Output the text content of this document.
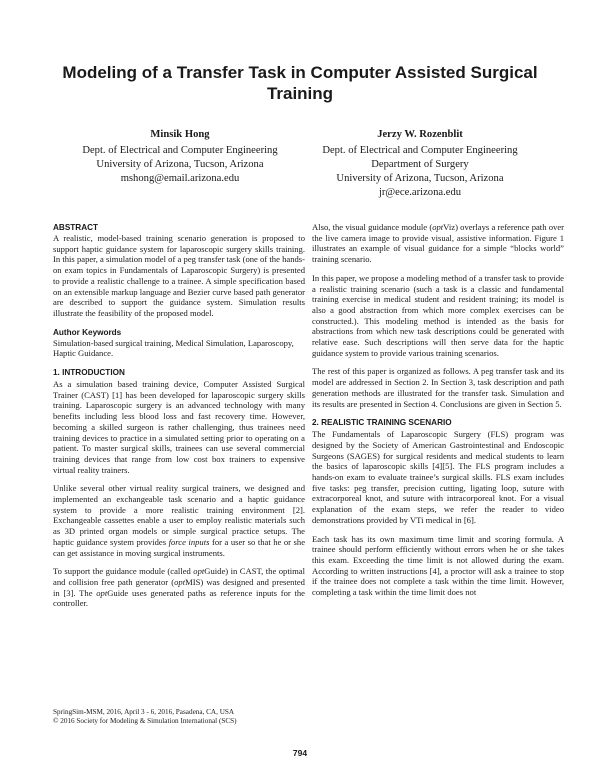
Modeling of a Transfer Task in Computer Assisted Surgical Training
Minsik Hong
Dept. of Electrical and Computer Engineering
University of Arizona, Tucson, Arizona
mshong@email.arizona.edu
Jerzy W. Rozenblit
Dept. of Electrical and Computer Engineering
Department of Surgery
University of Arizona, Tucson, Arizona
jr@ece.arizona.edu
ABSTRACT

A realistic, model-based training scenario generation is proposed to support haptic guidance system for laparoscopic surgery skills training. In this paper, a simulation model of a peg transfer task (one of the hands-on exam topics in Fundamentals of Laparoscopic Surgery) is presented to provide a realistic challenge to a trainee. A simple specification based on an extensible markup language and Bezier curve based path generator are described to support the guidance system. Simulation results illustrate the feasibility of the proposed model.

Author Keywords

Simulation-based surgical training, Medical Simulation, Laparoscopy, Haptic Guidance.

1. INTRODUCTION

As a simulation based training device, Computer Assisted Surgical Trainer (CAST) [1] has been developed for laparoscopic surgery skills training. Laparoscopic surgery is an advanced technology with many benefits including less blood loss and fast recovery time. However, becoming a skilled surgeon is rather challenging, thus trainees need training devices to practice in a simulated setting prior to operating on a patient. To master surgical skills, trainees can use several commercial training devices that range from low cost box trainers to expensive virtual reality trainers.

Unlike several other virtual reality surgical trainers, we designed and implemented an exchangeable task scenario and a haptic guidance system to provide a more realistic training environment [2]. Exchangeable cassettes enable a user to employ realistic materials such as 3D printed organ models or simple surgical practice setups. The haptic guidance system provides force inputs for a user so that he or she can get assistance in moving surgical instruments.

To support the guidance module (called optGuide) in CAST, the optimal and collision free path generator (optMIS) was designed and presented in [3]. The optGuide uses generated paths as reference inputs for the controller.

Also, the visual guidance module (optViz) overlays a reference path over the live camera image to provide visual, assistive information. Figure 1 illustrates an example of visual guidance for a simple “blocks world” training scenario.

In this paper, we propose a modeling method of a transfer task to provide a realistic training scenario (such a task is a classic and fundamental training exercise in medical student and resident training; its model is also a good abstraction from which more complex exercises can be constructed.). This modeling method is intended as the basis for abstractions from which new task descriptions could be generated with relative ease. Such descriptions will then serve data for the haptic guidance system to provide various training scenarios.

The rest of this paper is organized as follows. A peg transfer task and its model are addressed in Section 2. In Section 3, task description and path generation methods are illustrated for the transfer task. Simulation and its results are presented in Section 4. Conclusions are given in Section 5.

2. REALISTIC TRAINING SCENARIO

The Fundamentals of Laparoscopic Surgery (FLS) program was designed by the Society of American Gastrointestinal and Endoscopic Surgeons (SAGES) for surgical residents and medical students to learn the basics of laparoscopic skills [4][5]. The FLS program includes a hands-on exam to evaluate trainee’s surgical skills. FLS exam includes five tasks: peg transfer, precision cutting, ligating loop, suture with extracorporeal knot, and suture with intracorporeal knot. For a visual explanation of the exam steps, we refer the reader to video demonstrations provided by VTi medical in [6].

Each task has its own maximum time limit and scoring formula. A trainee should perform efficiently without errors when he or she takes this exam. Exceeding the time limit is not allowed during the exam. According to written instructions [4], a proctor will ask a trainee to stop if the trainee does not complete a task within the time limit. However, completing a task within the time limit does not

SpringSim-MSM, 2016, April 3 - 6, 2016, Pasadena, CA, USA
© 2016 Society for Modeling & Simulation International (SCS)
794
